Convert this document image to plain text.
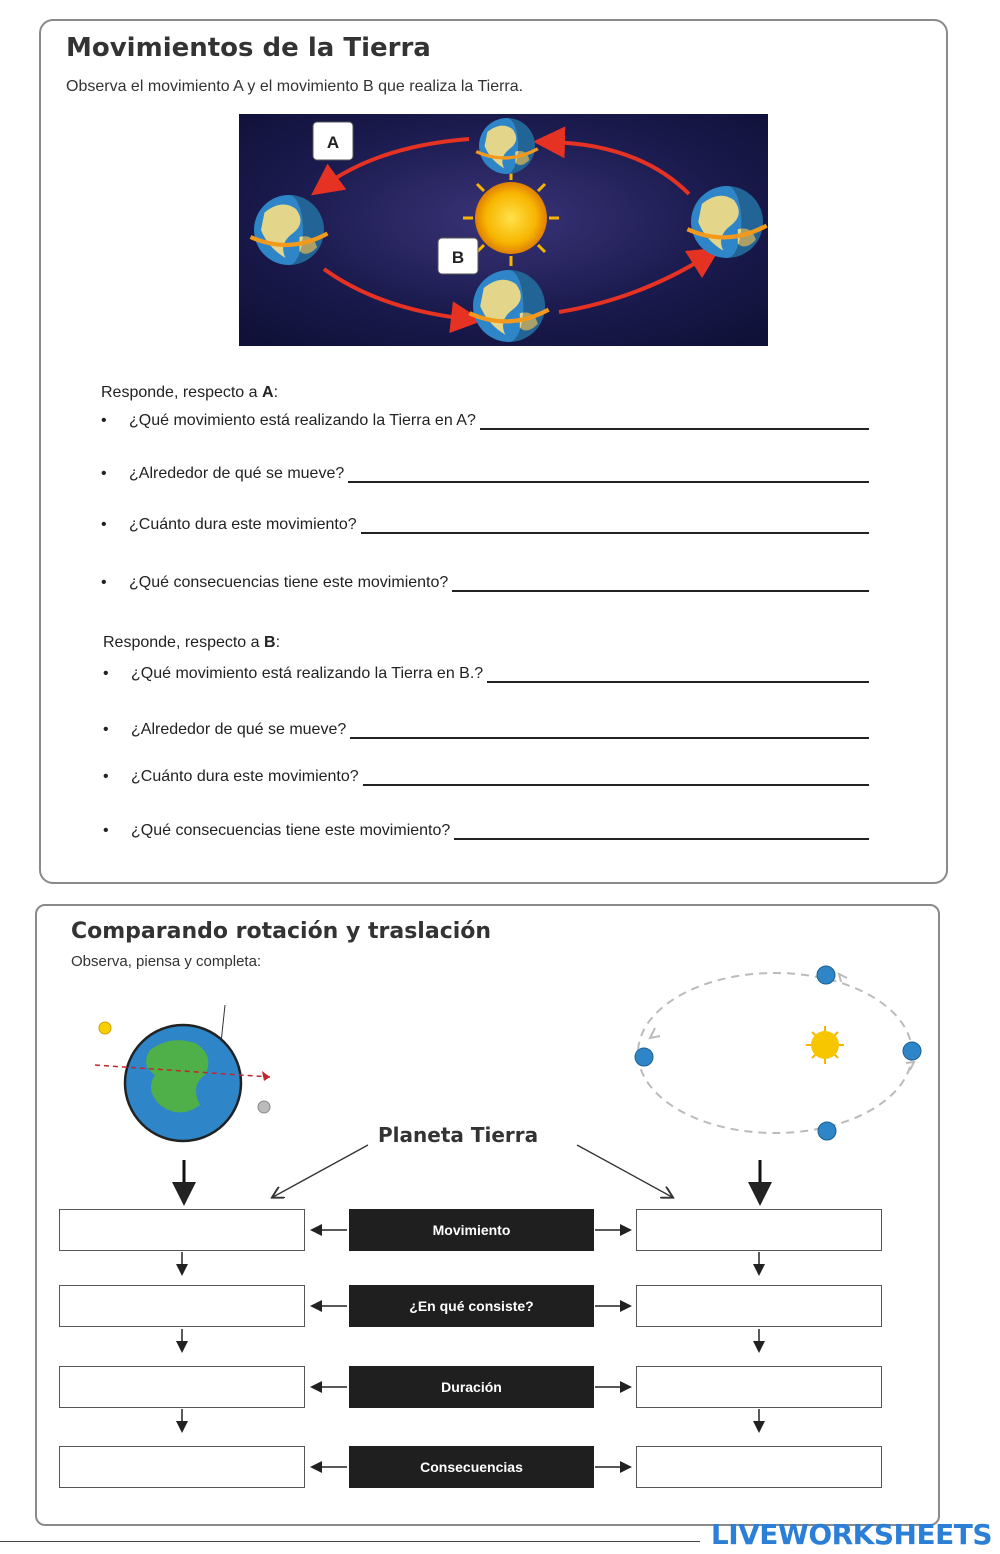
Movimientos de la Tierra
Observa el movimiento A y el movimiento B que realiza la Tierra.
A
B
Responde, respecto a A:
•	¿Qué movimiento está realizando la Tierra en A?
•	¿Alrededor de qué se mueve?
•	¿Cuánto dura este movimiento?
•	¿Qué consecuencias tiene este movimiento?
Responde, respecto a B:
•	¿Qué movimiento está realizando la Tierra en B.?
•	¿Alrededor de qué se mueve?
•	¿Cuánto dura este movimiento?
•	¿Qué consecuencias tiene este movimiento?
Comparando rotación y traslación
Observa, piensa y completa:
Planeta Tierra
Movimiento
¿En qué consiste?
Duración
Consecuencias
LIVEWORKSHEETS
